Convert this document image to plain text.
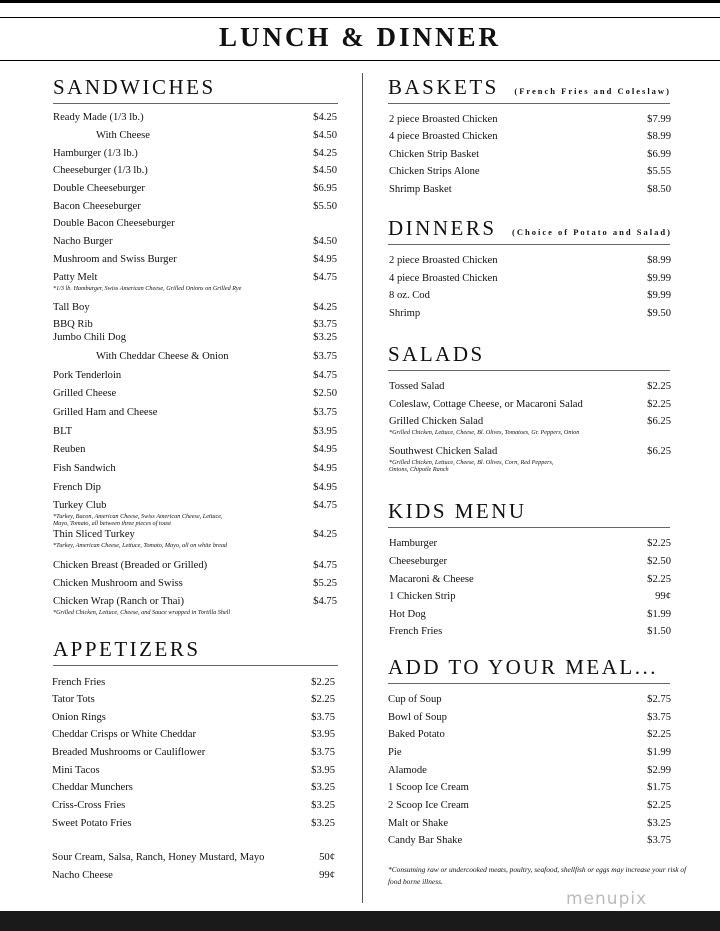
LUNCH & DINNER
SANDWICHES
Ready Made (1/3 lb.)	$4.25
With Cheese	$4.50
Hamburger (1/3 lb.)	$4.25
Cheeseburger (1/3 lb.)	$4.50
Double Cheeseburger	$6.95
Bacon Cheeseburger	$5.50
Double Bacon Cheeseburger
Nacho Burger	$4.50
Mushroom and Swiss Burger	$4.95
Patty Melt	$4.75
*1/3 lb. Hamburger, Swiss American Cheese, Grilled Onions on Grilled Rye
Tall Boy	$4.25
BBQ Rib	$3.75
Jumbo Chili Dog	$3.25
With Cheddar Cheese & Onion	$3.75
Pork Tenderloin	$4.75
Grilled Cheese	$2.50
Grilled Ham and Cheese	$3.75
BLT	$3.95
Reuben	$4.95
Fish Sandwich	$4.95
French Dip	$4.95
Turkey Club	$4.75
*Turkey, Bacon, American Cheese, Swiss American Cheese, Lettuce,
Mayo, Tomato, all between three pieces of toast
Thin Sliced Turkey	$4.25
*Turkey, American Cheese, Lettuce, Tomato, Mayo, all on white bread
Chicken Breast (Breaded or Grilled)	$4.75
Chicken Mushroom and Swiss	$5.25
Chicken Wrap (Ranch or Thai)	$4.75
*Grilled Chicken, Lettuce, Cheese, and Sauce wrapped in Tortilla Shell
APPETIZERS
French Fries	$2.25
Tator Tots	$2.25
Onion Rings	$3.75
Cheddar Crisps or White Cheddar	$3.95
Breaded Mushrooms or Cauliflower	$3.75
Mini Tacos	$3.95
Cheddar Munchers	$3.25
Criss-Cross Fries	$3.25
Sweet Potato Fries	$3.25
Sour Cream, Salsa, Ranch, Honey Mustard, Mayo	50¢
Nacho Cheese	99¢
BASKETS (French Fries and Coleslaw)
2 piece Broasted Chicken	$7.99
4 piece Broasted Chicken	$8.99
Chicken Strip Basket	$6.99
Chicken Strips Alone	$5.55
Shrimp Basket	$8.50
DINNERS (Choice of Potato and Salad)
2 piece Broasted Chicken	$8.99
4 piece Broasted Chicken	$9.99
8 oz. Cod	$9.99
Shrimp	$9.50
SALADS
Tossed Salad	$2.25
Coleslaw, Cottage Cheese, or Macaroni Salad	$2.25
Grilled Chicken Salad	$6.25
*Grilled Chicken, Lettuce, Cheese, Bl. Olives, Tomatoes, Gr. Peppers, Onion
Southwest Chicken Salad	$6.25
*Grilled Chicken, Lettuce, Cheese, Bl. Olives, Corn, Red Peppers,
Onions, Chipotle Ranch
KIDS MENU
Hamburger	$2.25
Cheeseburger	$2.50
Macaroni & Cheese	$2.25
1 Chicken Strip	99¢
Hot Dog	$1.99
French Fries	$1.50
ADD TO YOUR MEAL...
Cup of Soup	$2.75
Bowl of Soup	$3.75
Baked Potato	$2.25
Pie	$1.99
Alamode	$2.99
1 Scoop Ice Cream	$1.75
2 Scoop Ice Cream	$2.25
Malt or Shake	$3.25
Candy Bar Shake	$3.75
*Consuming raw or undercooked meats, poultry, seafood, shellfish or eggs may increase your risk of food borne illness.
menupix
